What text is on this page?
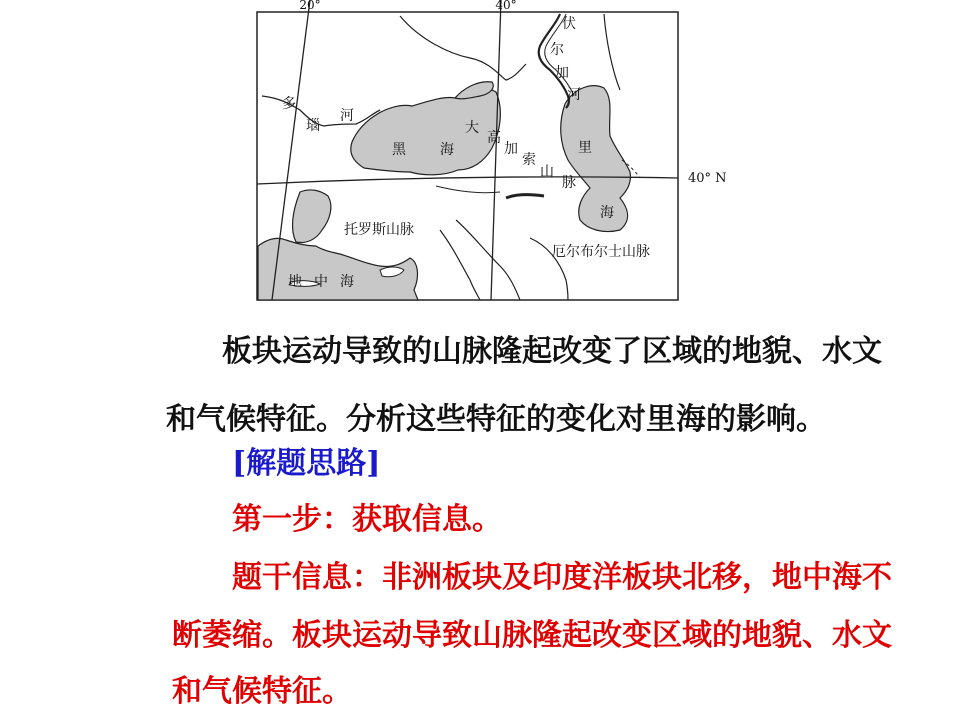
20°	40°
40° N
伏
尔
加
河
多
瑙
河
黑 海
大
高
加
索
山
脉
里
海
托罗斯山脉
厄尔布尔士山脉
地 中 海

板块运动导致的山脉隆起改变了区域的地貌、水文

和气候特征。分析这些特征的变化对里海的影响。

[解题思路]

第一步：获取信息。

题干信息：非洲板块及印度洋板块北移，地中海不

断萎缩。板块运动导致山脉隆起改变区域的地貌、水文

和气候特征。
